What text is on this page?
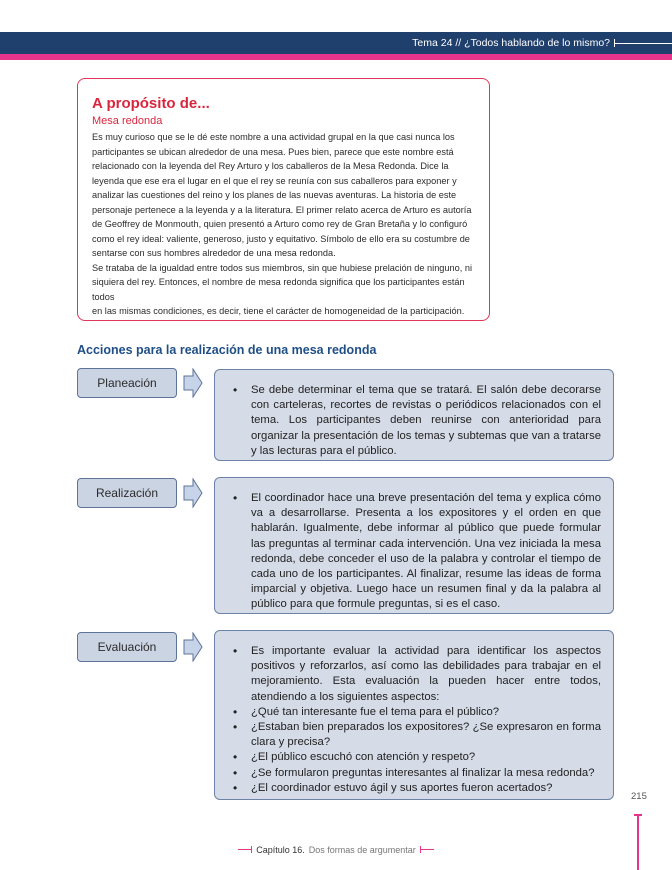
Tema 24 // ¿Todos hablando de lo mismo?
A propósito de...
Mesa redonda
Es muy curioso que se le dé este nombre a una actividad grupal en la que casi nunca los
participantes se ubican alrededor de una mesa. Pues bien, parece que este nombre está
relacionado con la leyenda del Rey Arturo y los caballeros de la Mesa Redonda. Dice la
leyenda que ese era el lugar en el que el rey se reunía con sus caballeros para exponer y
analizar las cuestiones del reino y los planes de las nuevas aventuras. La historia de este
personaje pertenece a la leyenda y a la literatura. El primer relato acerca de Arturo es autoría
de Geoffrey de Monmouth, quien presentó a Arturo como rey de Gran Bretaña y lo configuró
como el rey ideal: valiente, generoso, justo y equitativo. Símbolo de ello era su costumbre de
sentarse con sus hombres alrededor de una mesa redonda.
Se trataba de la igualdad entre todos sus miembros, sin que hubiese prelación de ninguno, ni
siquiera del rey. Entonces, el nombre de mesa redonda significa que los participantes están todos
en las mismas condiciones, es decir, tiene el carácter de homogeneidad de la participación.
Acciones para la realización de una mesa redonda
Planeación	• Se debe determinar el tema que se tratará. El salón debe decorarse con carteleras, recortes de revistas o periódicos relacionados con el tema. Los participantes deben reunirse con anterioridad para organizar la presentación de los temas y subtemas que van a tratarse y las lecturas para el público.
Realización	• El coordinador hace una breve presentación del tema y explica cómo va a desarrollarse. Presenta a los expositores y el orden en que hablarán. Igualmente, debe informar al público que puede formular las preguntas al terminar cada intervención. Una vez iniciada la mesa redonda, debe conceder el uso de la palabra y controlar el tiempo de cada uno de los participantes. Al finalizar, resume las ideas de forma imparcial y objetiva. Luego hace un resumen final y da la palabra al público para que formule preguntas, si es el caso.
Evaluación	• Es importante evaluar la actividad para identificar los aspectos positivos y reforzarlos, así como las debilidades para trabajar en el mejoramiento. Esta evaluación la pueden hacer entre todos, atendiendo a los siguientes aspectos:
• ¿Qué tan interesante fue el tema para el público?
• ¿Estaban bien preparados los expositores? ¿Se expresaron en forma clara y precisa?
• ¿El público escuchó con atención y respeto?
• ¿Se formularon preguntas interesantes al finalizar la mesa redonda?
• ¿El coordinador estuvo ágil y sus aportes fueron acertados?
215
Capítulo 16. Dos formas de argumentar
